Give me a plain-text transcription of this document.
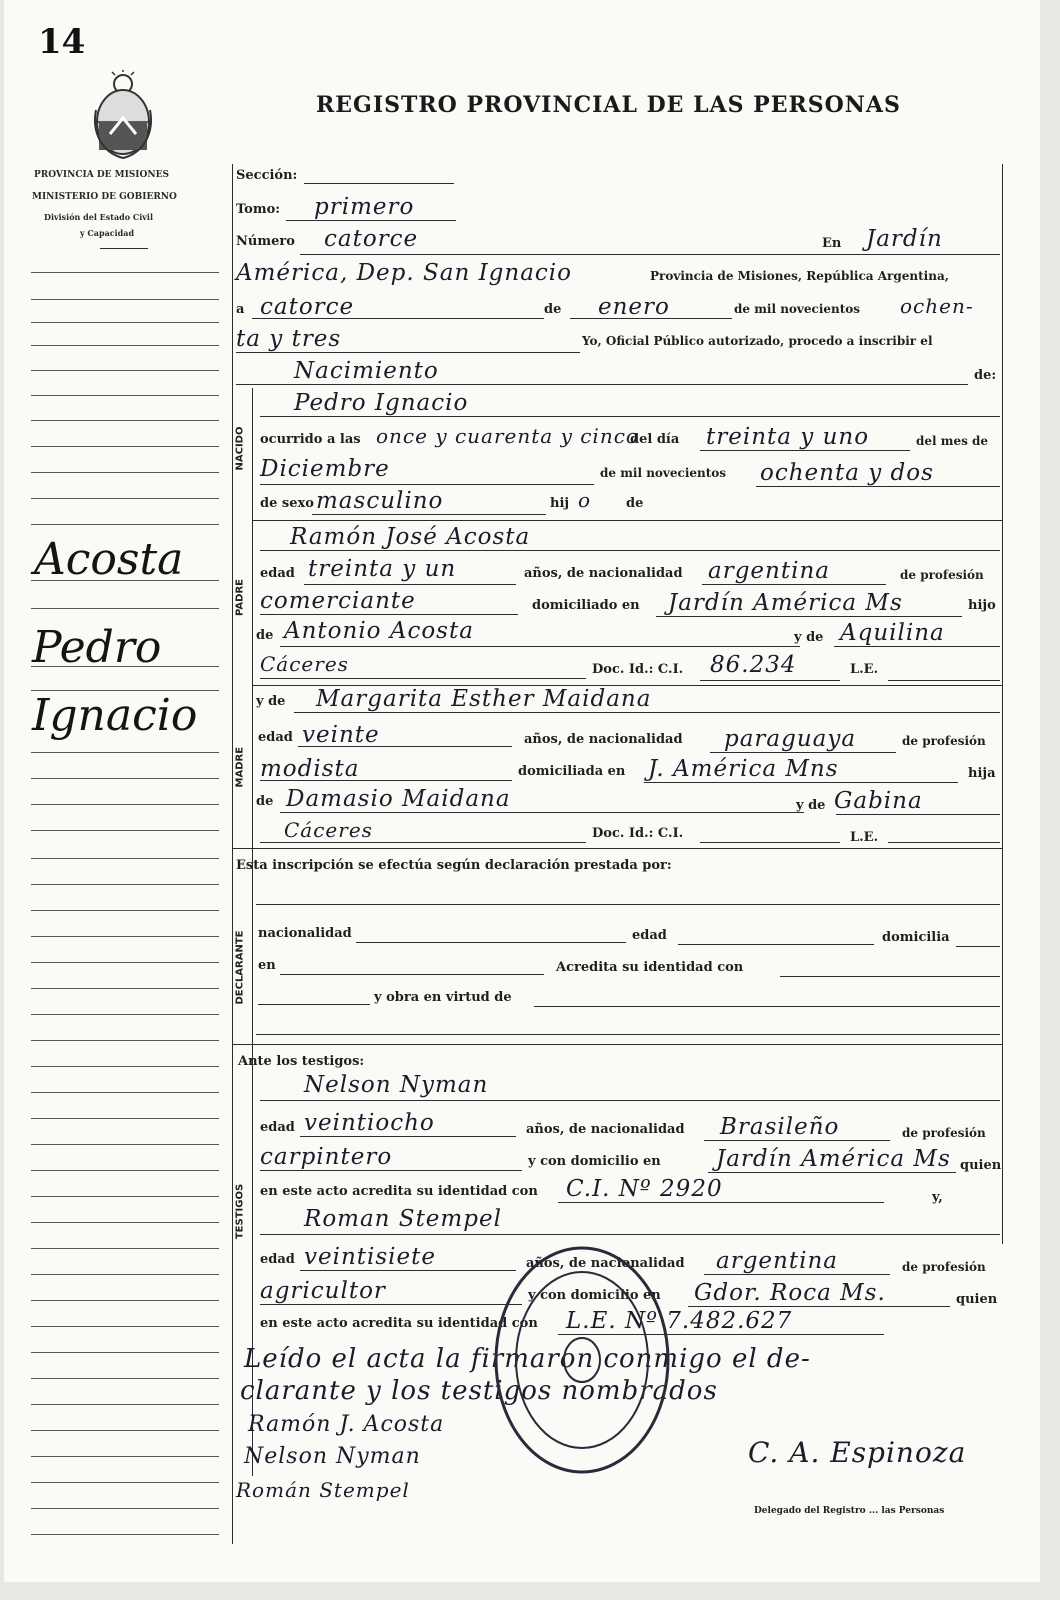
14
REGISTRO PROVINCIAL DE LAS PERSONAS
PROVINCIA DE MISIONES
MINISTERIO DE GOBIERNO
División del Estado Civil
y Capacidad
Acosta
Pedro
Ignacio
NACIDO
PADRE
MADRE
DECLARANTE
TESTIGOS
Sección:
Tomo: primero
Número catorce	En Jardín
América, Dep. San Ignacio	Provincia de Misiones, República Argentina,
a catorce	de enero	de mil novecientos ochen-
ta y tres	Yo, Oficial Público autorizado, procedo a inscribir el
Nacimiento	de:
Pedro Ignacio
ocurrido a las once y cuarenta y cinco
del día treinta y uno	del mes de
Diciembre	de mil novecientos ochenta y dos
de sexo masculino	hij o	de
Ramón José Acosta
edad treinta y un	años, de nacionalidad argentina	de profesión
comerciante	domiciliado en Jardín América Ms	hijo
de Antonio Acosta	y de Aquilina
Cáceres	Doc. Id.: C.I. 86.234	L.E.
y de Margarita Esther Maidana
edad veinte	años, de nacionalidad paraguaya	de profesión
modista	domiciliada en J. América Mns	hija
de Damasio Maidana	y de Gabina
Cáceres	Doc. Id.: C.I.	L.E.
Esta inscripción se efectúa según declaración prestada por:
nacionalidad	edad	domicilia
en	Acredita su identidad con
y obra en virtud de
Ante los testigos:
Nelson Nyman
edad veintiocho	años, de nacionalidad Brasileño	de profesión
carpintero	y con domicilio en Jardín América Ms quien
en este acto acredita su identidad con C.I. Nº 2920	y,
Roman Stempel
edad veintisiete	años, de nacionalidad argentina	de profesión
agricultor	y con domicilio en Gdor. Roca Ms.	quien
en este acto acredita su identidad con L.E. Nº 7.482.627
Leído el acta la firmaron conmigo el de-
clarante y los testigos nombrados
Ramón J. Acosta
Nelson Nyman
Román Stempel
C. A. Espinoza
Delegado del Registro ... las Personas
